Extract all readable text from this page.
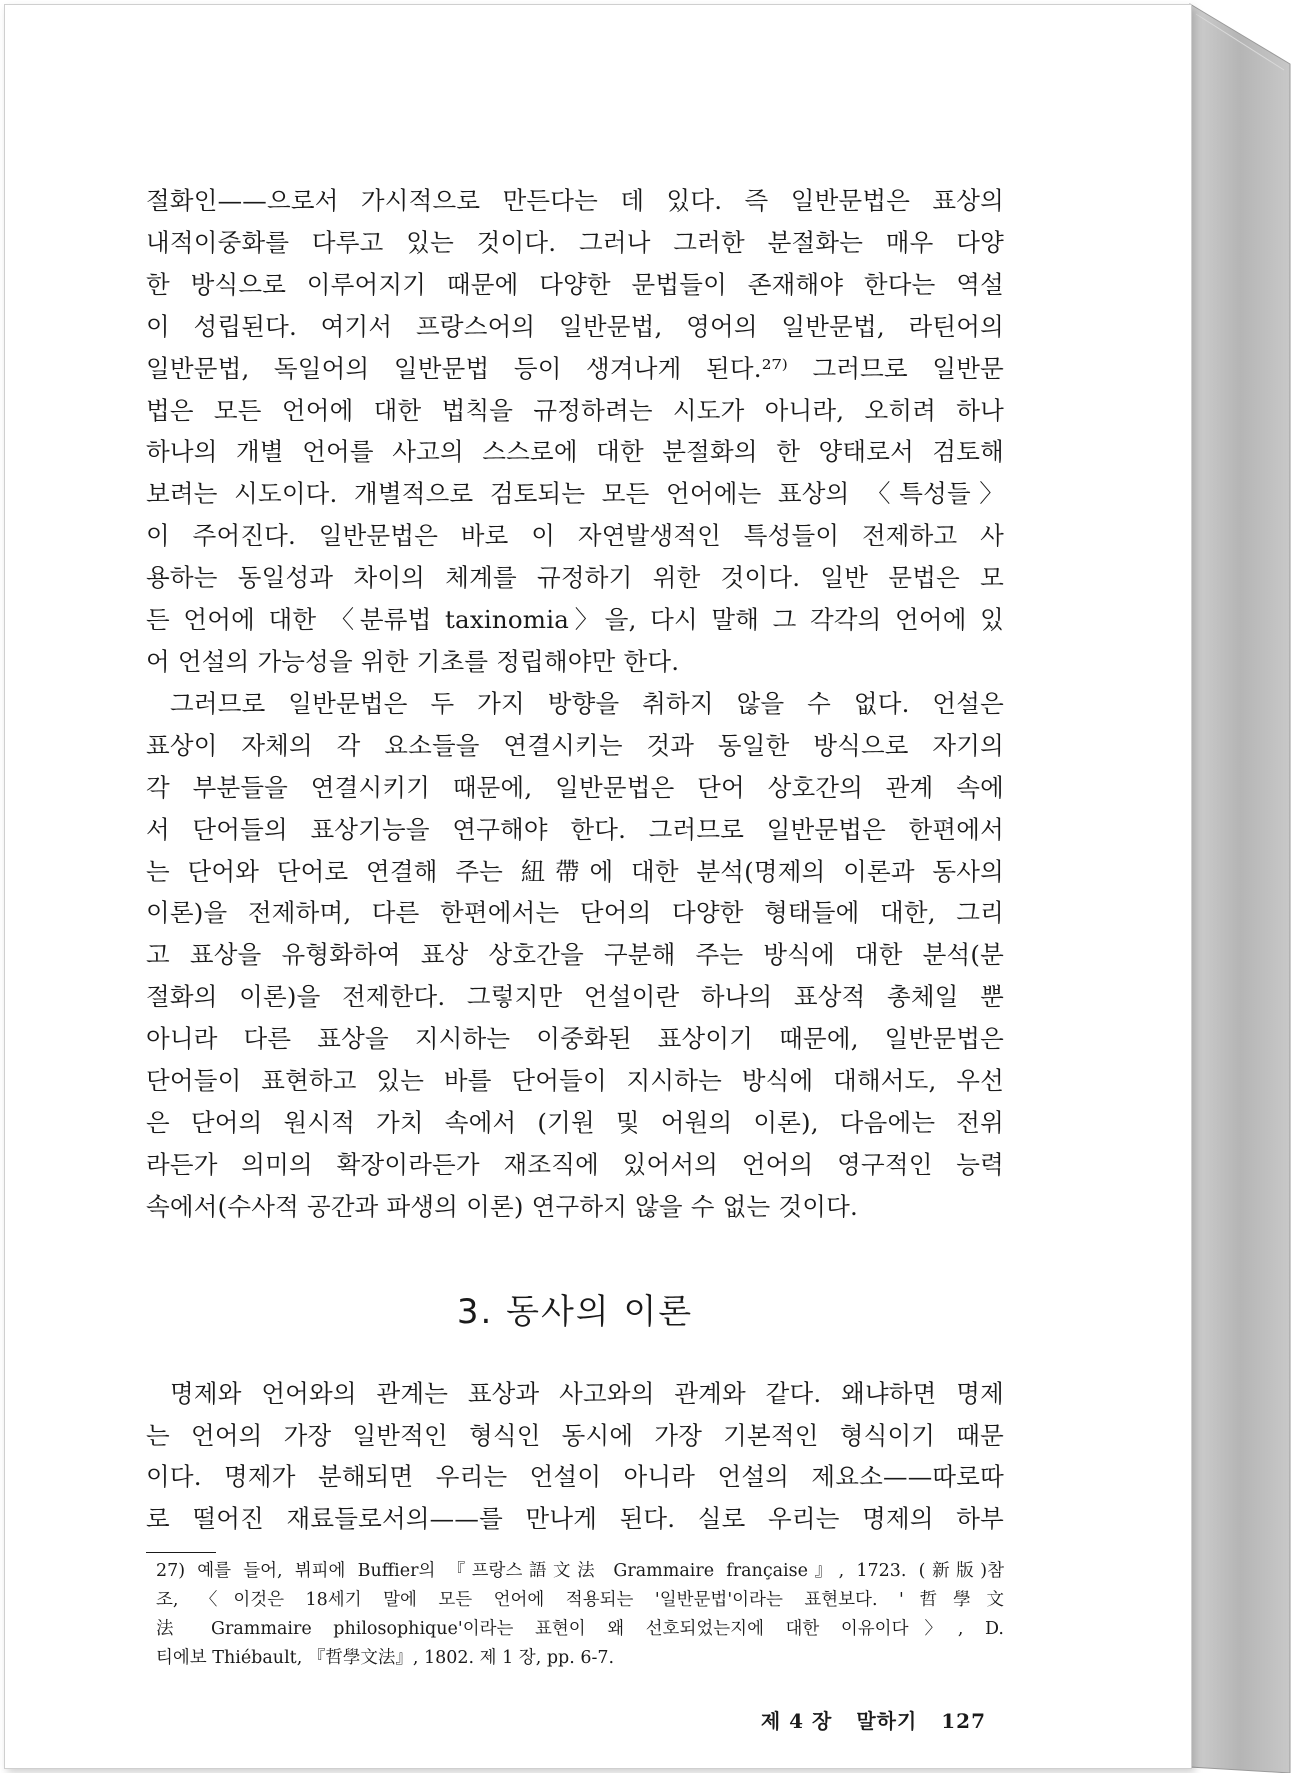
절화인——으로서 가시적으로 만든다는 데 있다. 즉 일반문법은 표상의
내적이중화를 다루고 있는 것이다. 그러나 그러한 분절화는 매우 다양
한 방식으로 이루어지기 때문에 다양한 문법들이 존재해야 한다는 역설
이 성립된다. 여기서 프랑스어의 일반문법, 영어의 일반문법, 라틴어의
일반문법, 독일어의 일반문법 등이 생겨나게 된다.²⁷⁾ 그러므로 일반문
법은 모든 언어에 대한 법칙을 규정하려는 시도가 아니라, 오히려 하나
하나의 개별 언어를 사고의 스스로에 대한 분절화의 한 양태로서 검토해
보려는 시도이다. 개별적으로 검토되는 모든 언어에는 표상의 〈특성들〉
이 주어진다. 일반문법은 바로 이 자연발생적인 특성들이 전제하고 사
용하는 동일성과 차이의 체계를 규정하기 위한 것이다. 일반 문법은 모
든 언어에 대한 〈분류법 taxinomia〉을, 다시 말해 그 각각의 언어에 있
어 언설의 가능성을 위한 기초를 정립해야만 한다.
그러므로 일반문법은 두 가지 방향을 취하지 않을 수 없다. 언설은
표상이 자체의 각 요소들을 연결시키는 것과 동일한 방식으로 자기의
각 부분들을 연결시키기 때문에, 일반문법은 단어 상호간의 관계 속에
서 단어들의 표상기능을 연구해야 한다. 그러므로 일반문법은 한편에서
는 단어와 단어로 연결해 주는 紐帶에 대한 분석(명제의 이론과 동사의
이론)을 전제하며, 다른 한편에서는 단어의 다양한 형태들에 대한, 그리
고 표상을 유형화하여 표상 상호간을 구분해 주는 방식에 대한 분석(분
절화의 이론)을 전제한다. 그렇지만 언설이란 하나의 표상적 총체일 뿐
아니라 다른 표상을 지시하는 이중화된 표상이기 때문에, 일반문법은
단어들이 표현하고 있는 바를 단어들이 지시하는 방식에 대해서도, 우선
은 단어의 원시적 가치 속에서 (기원 및 어원의 이론), 다음에는 전위
라든가 의미의 확장이라든가 재조직에 있어서의 언어의 영구적인 능력
속에서(수사적 공간과 파생의 이론) 연구하지 않을 수 없는 것이다.
3. 동사의 이론
명제와 언어와의 관계는 표상과 사고와의 관계와 같다. 왜냐하면 명제
는 언어의 가장 일반적인 형식인 동시에 가장 기본적인 형식이기 때문
이다. 명제가 분해되면 우리는 언설이 아니라 언설의 제요소——따로따
로 떨어진 재료들로서의——를 만나게 된다. 실로 우리는 명제의 하부
27) 예를 들어, 뷔피에 Buffier의 『프랑스語文法 Grammaire française』, 1723. (新版)참
조, 〈이것은 18세기 말에 모든 언어에 적용되는 '일반문법'이라는 표현보다. '哲學文
法 Grammaire philosophique'이라는 표현이 왜 선호되었는지에 대한 이유이다〉, D.
티에보 Thiébault, 『哲學文法』, 1802. 제 1 장, pp. 6-7.
제 4 장 말하기 127
